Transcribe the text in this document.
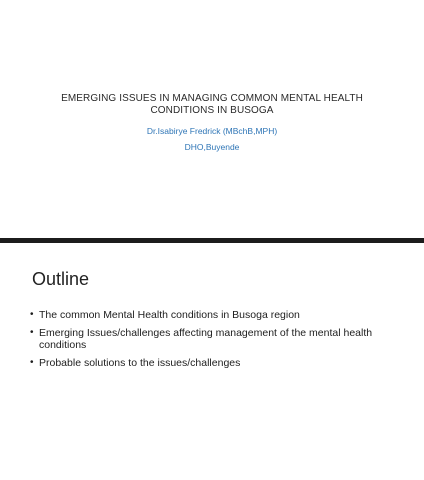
EMERGING ISSUES IN MANAGING COMMON MENTAL HEALTH
CONDITIONS IN BUSOGA
Dr.Isabirye Fredrick (MBchB,MPH)
DHO,Buyende
Outline
• The common Mental Health conditions in Busoga region
• Emerging Issues/challenges affecting management of the mental health conditions
• Probable solutions to the issues/challenges
